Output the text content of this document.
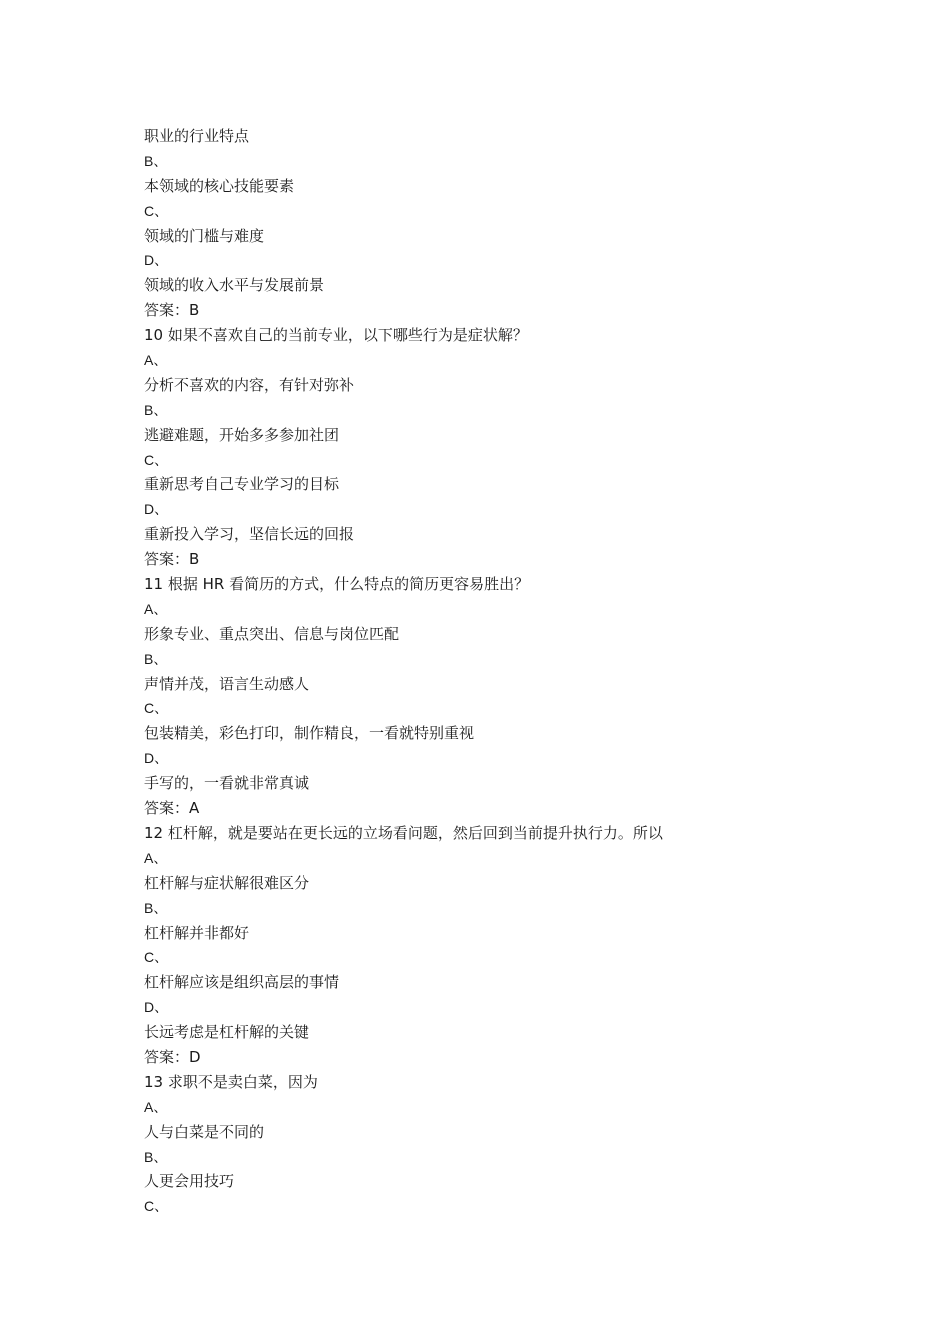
职业的行业特点
B、
本领域的核心技能要素
C、
领域的门槛与难度
D、
领域的收入水平与发展前景
答案：B
10 如果不喜欢自己的当前专业，以下哪些行为是症状解？
A、
分析不喜欢的内容，有针对弥补
B、
逃避难题，开始多多参加社团
C、
重新思考自己专业学习的目标
D、
重新投入学习，坚信长远的回报
答案：B
11 根据 HR 看简历的方式，什么特点的简历更容易胜出？
A、
形象专业、重点突出、信息与岗位匹配
B、
声情并茂，语言生动感人
C、
包装精美，彩色打印，制作精良，一看就特别重视
D、
手写的，一看就非常真诚
答案：A
12 杠杆解，就是要站在更长远的立场看问题，然后回到当前提升执行力。所以
A、
杠杆解与症状解很难区分
B、
杠杆解并非都好
C、
杠杆解应该是组织高层的事情
D、
长远考虑是杠杆解的关键
答案：D
13 求职不是卖白菜，因为
A、
人与白菜是不同的
B、
人更会用技巧
C、
